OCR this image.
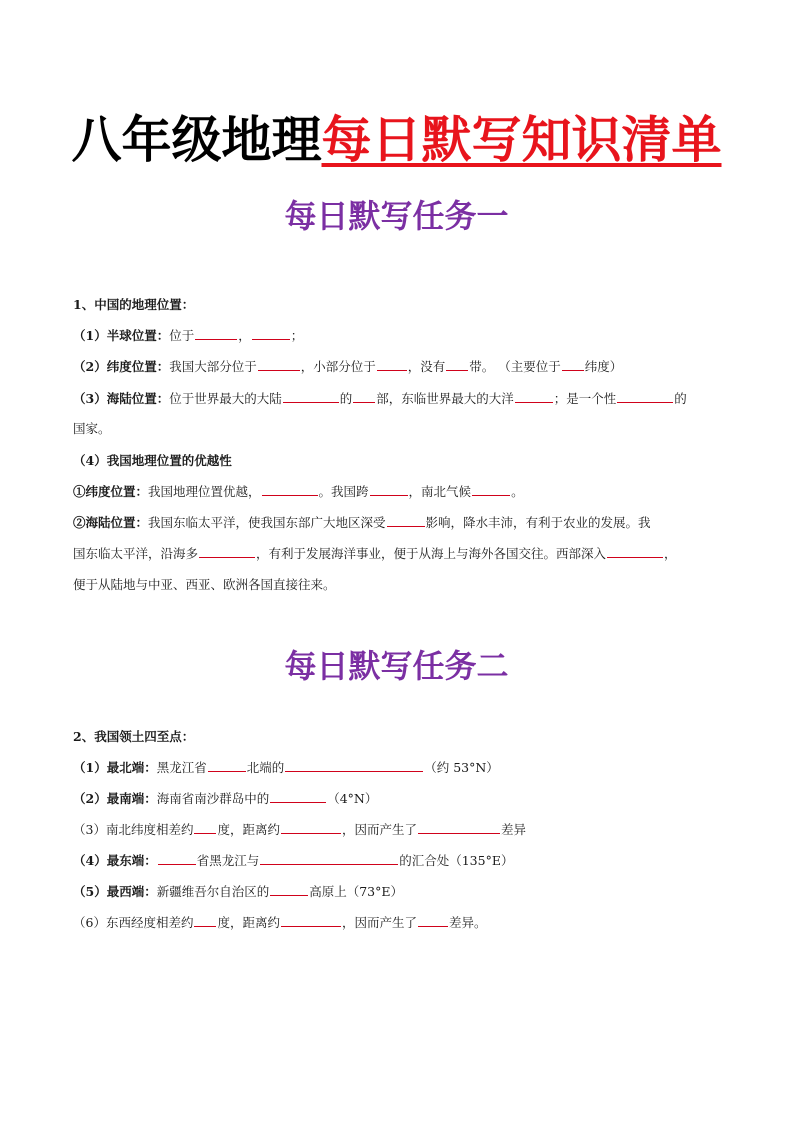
八年级地理每日默写知识清单
每日默写任务一
1、中国的地理位置：
（1）半球位置：位于	，	；
（2）纬度位置：我国大部分位于	，小部分位于	，没有 带。 （主要位于 纬度）
（3）海陆位置：位于世界最大的大陆	的 部，东临世界最大的大洋	；是一个性	的
国家。
（4）我国地理位置的优越性
①纬度位置：我国地理位置优越，	。我国跨	，南北气候	。
②海陆位置：我国东临太平洋，使我国东部广大地区深受	影响，降水丰沛，有利于农业的发展。我
国东临太平洋，沿海多	，有利于发展海洋事业，便于从海上与海外各国交往。西部深入	，
便于从陆地与中亚、西亚、欧洲各国直接往来。
每日默写任务二
2、我国领土四至点：
（1）最北端：黑龙江省	北端的	（约 53°N）
（2）最南端：海南省南沙群岛中的	（4°N）
（3）南北纬度相差约 度，距离约	，因而产生了	差异
（4）最东端：	省黑龙江与	的汇合处（135°E）
（5）最西端：新疆维吾尔自治区的	高原上（73°E）
（6）东西经度相差约 度，距离约	，因而产生了	差异。
